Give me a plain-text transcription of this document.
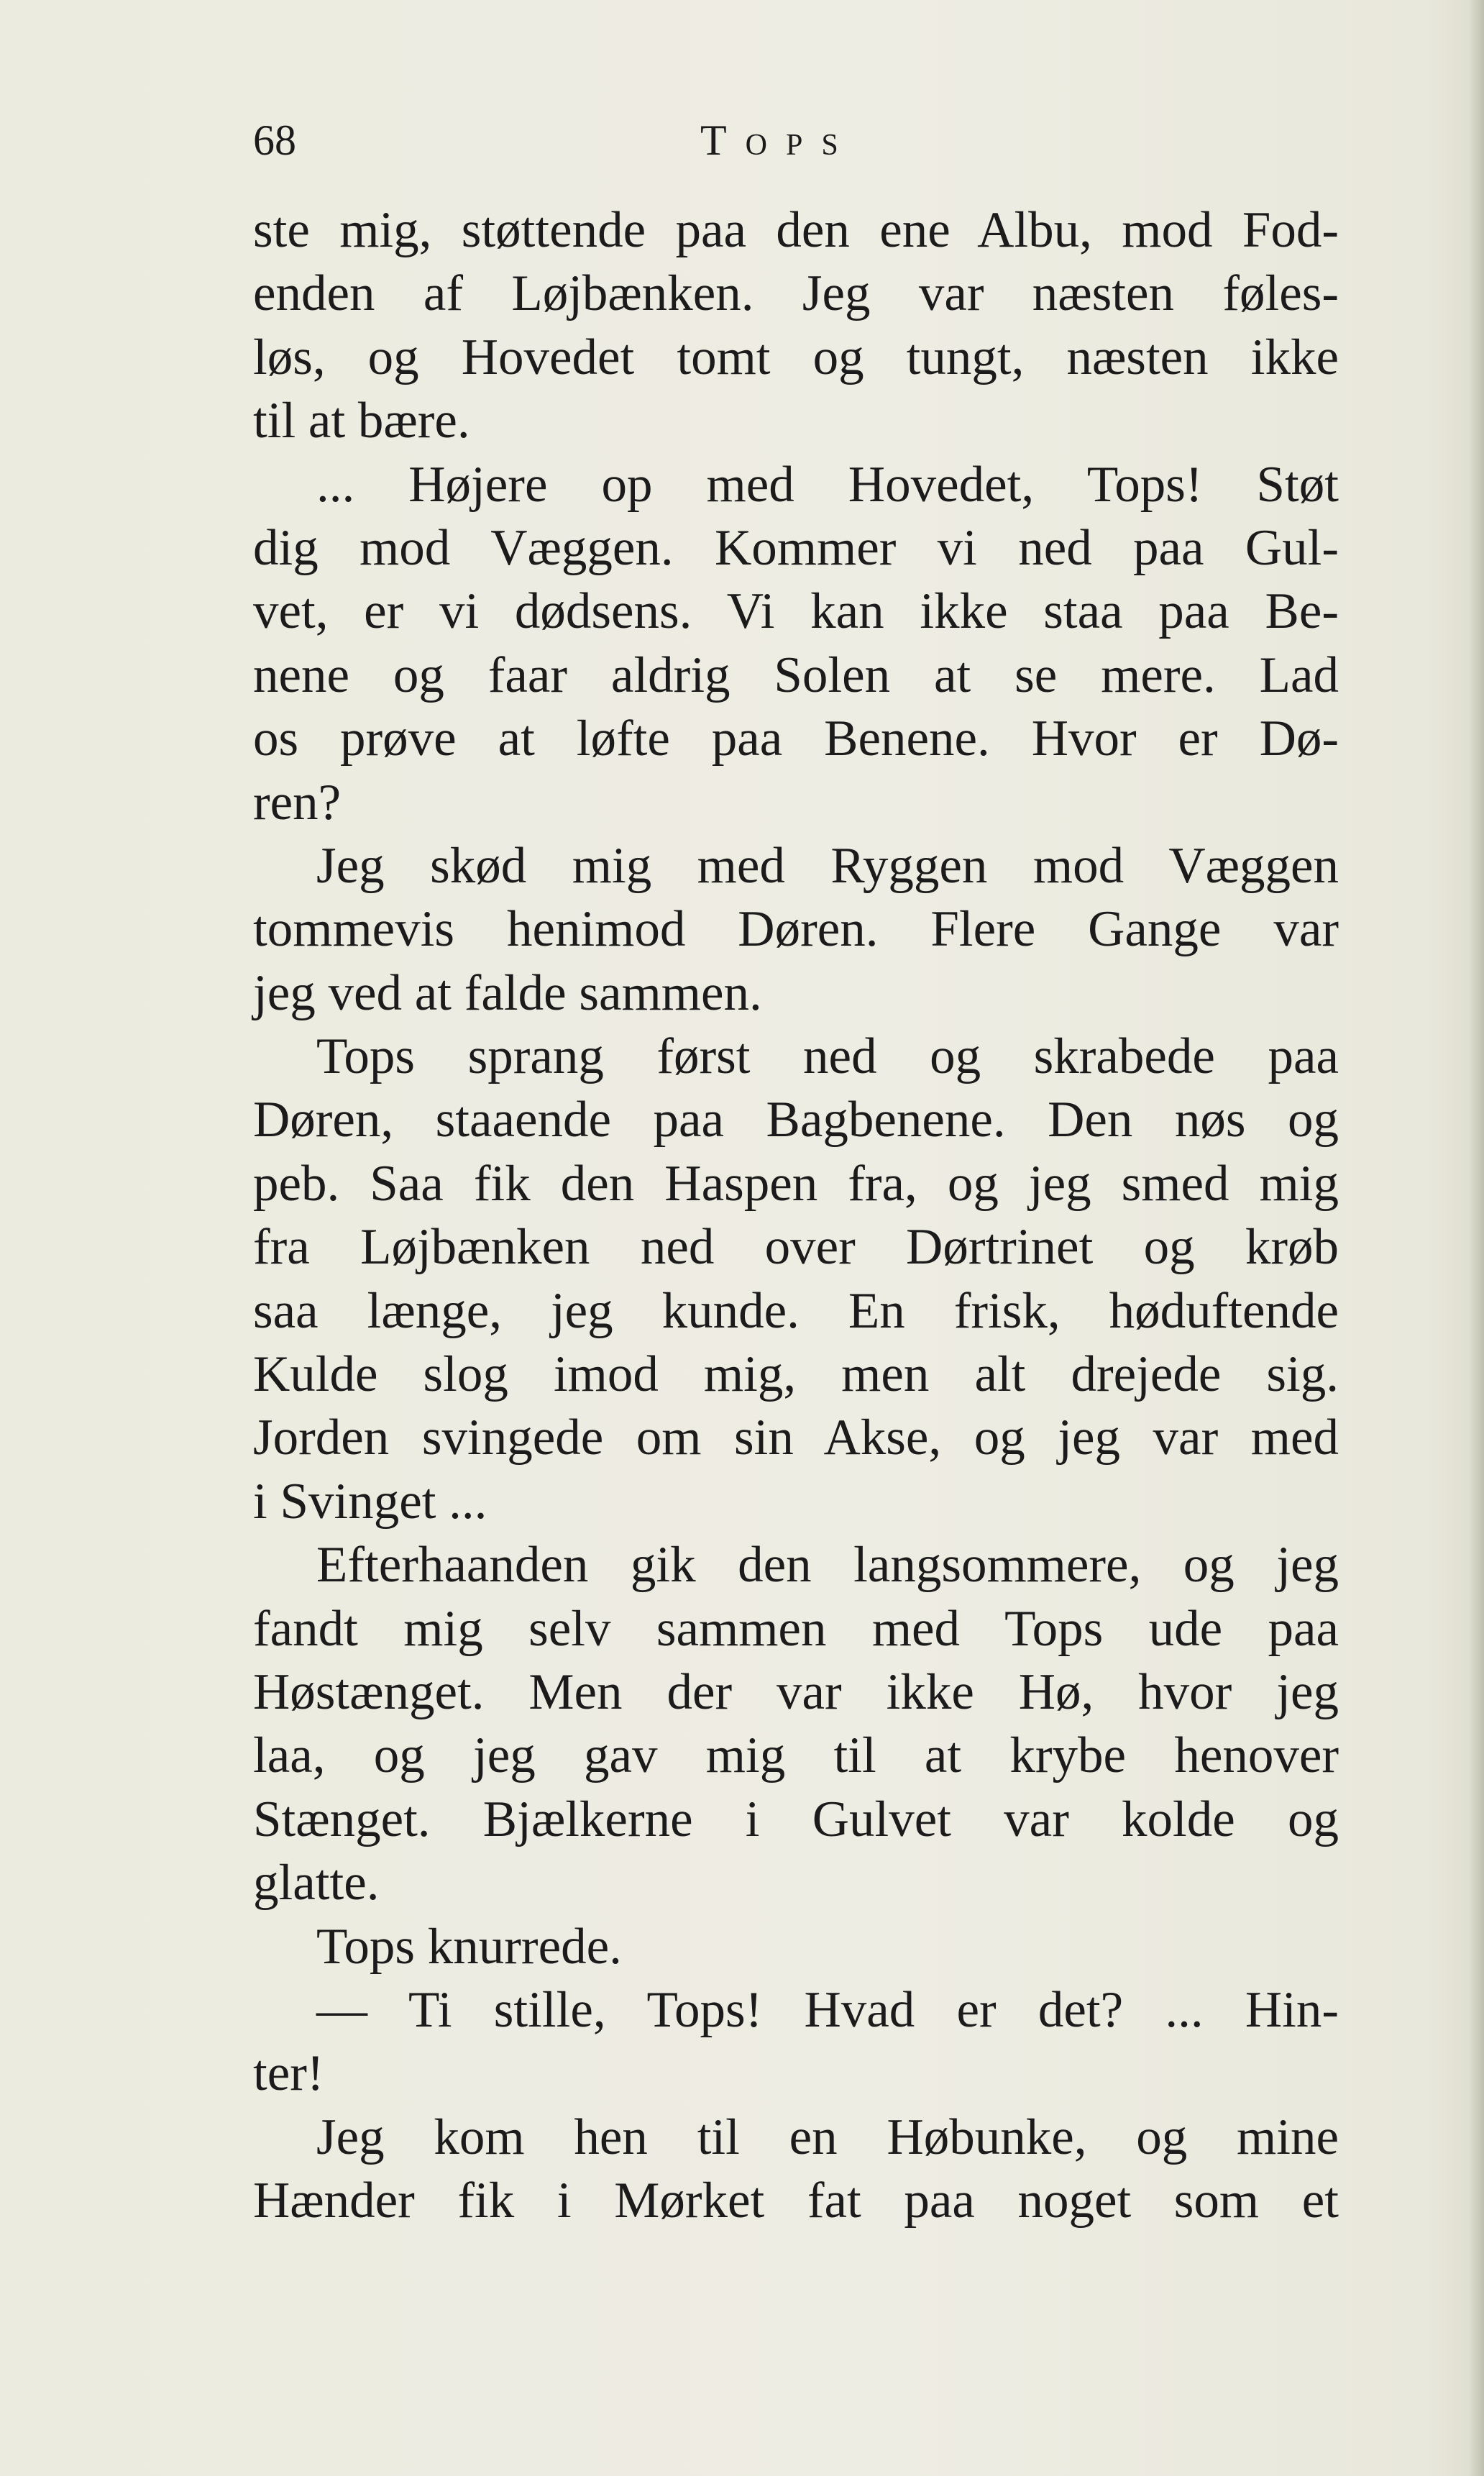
68	Tops
ste mig, støttende paa den ene Albu, mod Fod-
enden af Løjbænken. Jeg var næsten føles-
løs, og Hovedet tomt og tungt, næsten ikke
til at bære.
... Højere op med Hovedet, Tops! Støt
dig mod Væggen. Kommer vi ned paa Gul-
vet, er vi dødsens. Vi kan ikke staa paa Be-
nene og faar aldrig Solen at se mere. Lad
os prøve at løfte paa Benene. Hvor er Dø-
ren?
Jeg skød mig med Ryggen mod Væggen
tommevis henimod Døren. Flere Gange var
jeg ved at falde sammen.
Tops sprang først ned og skrabede paa
Døren, staaende paa Bagbenene. Den nøs og
peb. Saa fik den Haspen fra, og jeg smed mig
fra Løjbænken ned over Dørtrinet og krøb
saa længe, jeg kunde. En frisk, høduftende
Kulde slog imod mig, men alt drejede sig.
Jorden svingede om sin Akse, og jeg var med
i Svinget ...
Efterhaanden gik den langsommere, og jeg
fandt mig selv sammen med Tops ude paa
Høstænget. Men der var ikke Hø, hvor jeg
laa, og jeg gav mig til at krybe henover
Stænget. Bjælkerne i Gulvet var kolde og
glatte.
Tops knurrede.
— Ti stille, Tops! Hvad er det? ... Hin-
ter!
Jeg kom hen til en Høbunke, og mine
Hænder fik i Mørket fat paa noget som et
